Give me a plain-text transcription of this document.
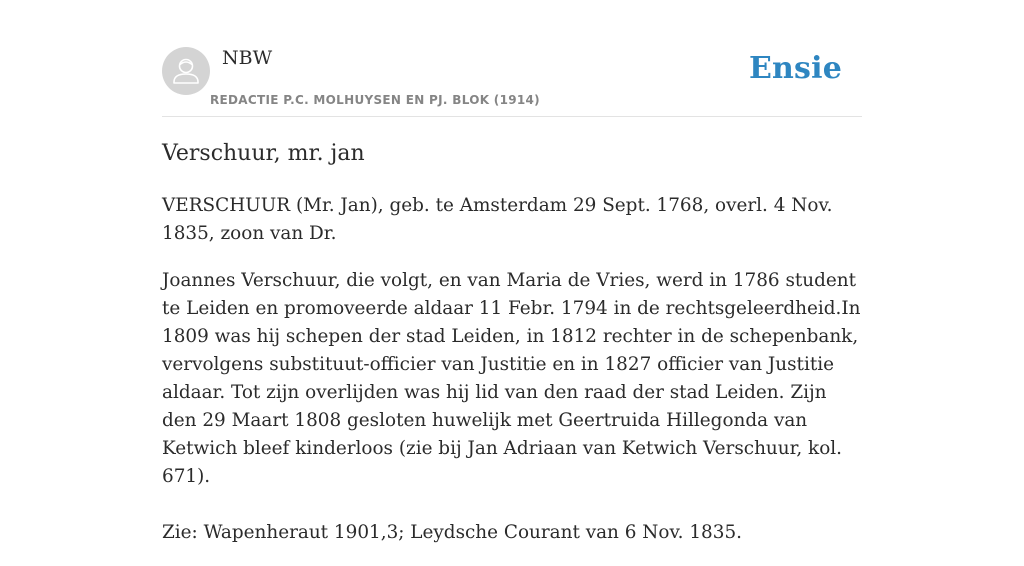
NBW
REDACTIE P.C. MOLHUYSEN EN PJ. BLOK (1914)
Ensie
Verschuur, mr. jan

VERSCHUUR (Mr. Jan), geb. te Amsterdam 29 Sept. 1768, overl. 4 Nov. 1835, zoon van Dr.

Joannes Verschuur, die volgt, en van Maria de Vries, werd in 1786 student te Leiden en promoveerde aldaar 11 Febr. 1794 in de rechtsgeleerdheid.In 1809 was hij schepen der stad Leiden, in 1812 rechter in de schepenbank, vervolgens substituut-officier van Justitie en in 1827 officier van Justitie aldaar. Tot zijn overlijden was hij lid van den raad der stad Leiden. Zijn den 29 Maart 1808 gesloten huwelijk met Geertruida Hillegonda van Ketwich bleef kinderloos (zie bij Jan Adriaan van Ketwich Verschuur, kol. 671).

Zie: Wapenheraut 1901,3; Leydsche Courant van 6 Nov. 1835.
